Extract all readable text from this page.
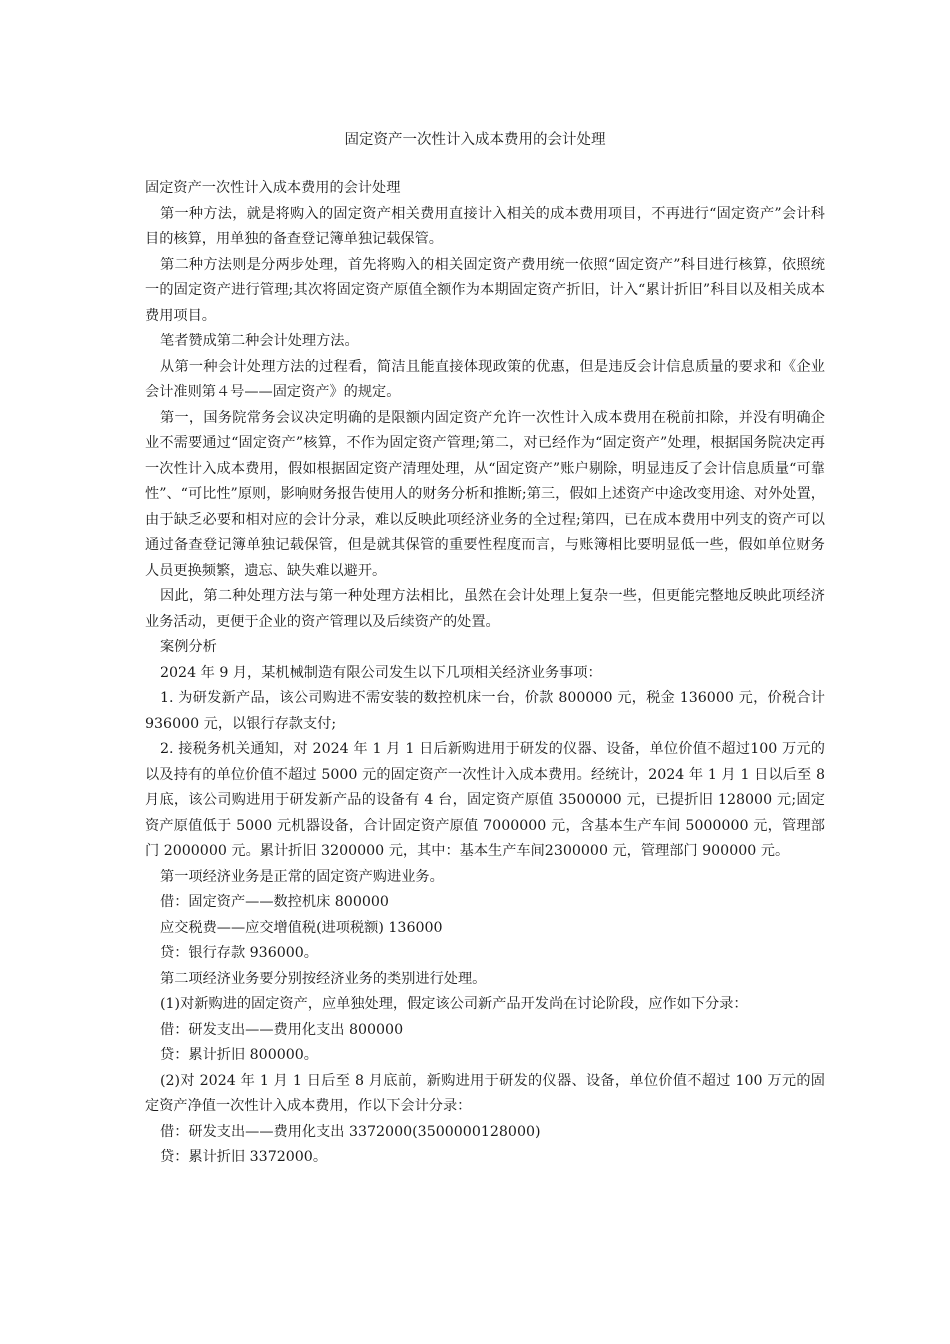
固定资产一次性计入成本费用的会计处理

固定资产一次性计入成本费用的会计处理

第一种方法，就是将购入的固定资产相关费用直接计入相关的成本费用项目，不再进行“固定资产”会计科目的核算，用单独的备查登记簿单独记载保管。

第二种方法则是分两步处理，首先将购入的相关固定资产费用统一依照“固定资产”科目进行核算，依照统一的固定资产进行管理;其次将固定资产原值全额作为本期固定资产折旧，计入“累计折旧”科目以及相关成本费用项目。

笔者赞成第二种会计处理方法。

从第一种会计处理方法的过程看，简洁且能直接体现政策的优惠，但是违反会计信息质量的要求和《企业会计准则第４号——固定资产》的规定。

第一，国务院常务会议决定明确的是限额内固定资产允许一次性计入成本费用在税前扣除，并没有明确企业不需要通过“固定资产”核算，不作为固定资产管理;第二，对已经作为“固定资产”处理，根据国务院决定再一次性计入成本费用，假如根据固定资产清理处理，从“固定资产”账户剔除，明显违反了会计信息质量“可靠性”、“可比性”原则，影响财务报告使用人的财务分析和推断;第三，假如上述资产中途改变用途、对外处置，由于缺乏必要和相对应的会计分录，难以反映此项经济业务的全过程;第四，已在成本费用中列支的资产可以通过备查登记簿单独记载保管，但是就其保管的重要性程度而言，与账簿相比要明显低一些，假如单位财务人员更换频繁，遗忘、缺失难以避开。

因此，第二种处理方法与第一种处理方法相比，虽然在会计处理上复杂一些，但更能完整地反映此项经济业务活动，更便于企业的资产管理以及后续资产的处置。

案例分析

2024 年 9 月，某机械制造有限公司发生以下几项相关经济业务事项：

1. 为研发新产品，该公司购进不需安装的数控机床一台，价款 800000 元，税金 136000 元，价税合计 936000 元，以银行存款支付;

2. 接税务机关通知，对 2024 年 1 月 1 日后新购进用于研发的仪器、设备，单位价值不超过100 万元的以及持有的单位价值不超过 5000 元的固定资产一次性计入成本费用。经统计，2024 年 1 月 1 日以后至 8 月底，该公司购进用于研发新产品的设备有 4 台，固定资产原值 3500000 元，已提折旧 128000 元;固定资产原值低于 5000 元机器设备，合计固定资产原值 7000000 元，含基本生产车间 5000000 元，管理部门 2000000 元。累计折旧 3200000 元，其中：基本生产车间2300000 元，管理部门 900000 元。

第一项经济业务是正常的固定资产购进业务。

借：固定资产——数控机床 800000

应交税费——应交增值税(进项税额) 136000

贷：银行存款 936000。

第二项经济业务要分别按经济业务的类别进行处理。

(1)对新购进的固定资产，应单独处理，假定该公司新产品开发尚在讨论阶段，应作如下分录：

借：研发支出——费用化支出 800000

贷：累计折旧 800000。

(2)对 2024 年 1 月 1 日后至 8 月底前，新购进用于研发的仪器、设备，单位价值不超过 100 万元的固定资产净值一次性计入成本费用，作以下会计分录：

借：研发支出——费用化支出 3372000(3500000128000)

贷：累计折旧 3372000。
